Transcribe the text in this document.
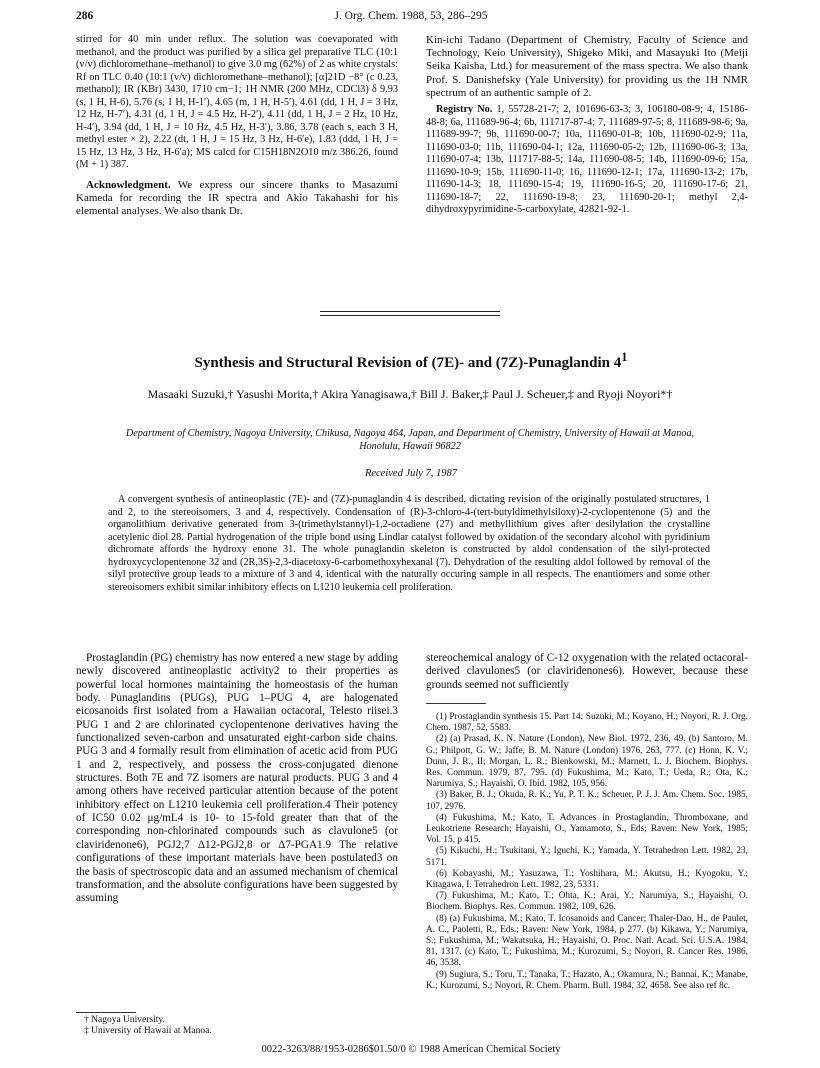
286	J. Org. Chem. 1988, 53, 286–295

stirred for 40 min under reflux. The solution was coevaporated with methanol, and the product was purified by a silica gel preparative TLC (10:1 (v/v) dichloromethane–methanol) to give 3.0 mg (62%) of 2 as white crystals: Rf on TLC 0.40 (10:1 (v/v) dichloromethane–methanol); [α]21D −8° (c 0.23, methanol); IR (KBr) 3430, 1710 cm−1; 1H NMR (200 MHz, CDCl3) δ 9.93 (s, 1 H, H-6), 5.76 (s, 1 H, H-1′), 4.65 (m, 1 H, H-5′), 4.61 (dd, 1 H, J = 3 Hz, 12 Hz, H-7′), 4.31 (d, 1 H, J = 4.5 Hz, H-2′), 4.11 (dd, 1 H, J = 2 Hz, 10 Hz, H-4′), 3.94 (dd, 1 H, J = 10 Hz, 4.5 Hz, H-3′), 3.86, 3.78 (each s, each 3 H, methyl ester × 2), 2.22 (dt, 1 H, J = 15 Hz, 3 Hz, H-6′e), 1.83 (ddd, 1 H, J = 15 Hz, 13 Hz, 3 Hz, H-6′a); MS calcd for C15H18N2O10 m/z 386.26, found (M + 1) 387.

Acknowledgment. We express our sincere thanks to Masazumi Kameda for recording the IR spectra and Akio Takahashi for his elemental analyses. We also thank Dr.

Kin-ichi Tadano (Department of Chemistry, Faculty of Science and Technology, Keio University), Shigeko Miki, and Masayuki Ito (Meiji Seika Kaisha, Ltd.) for measurement of the mass spectra. We also thank Prof. S. Danishefsky (Yale University) for providing us the 1H NMR spectrum of an authentic sample of 2.

Registry No. 1, 55728-21-7; 2, 101696-63-3; 3, 106180-08-9; 4, 15186-48-8; 6a, 111689-96-4; 6b, 111717-87-4; 7, 111689-97-5; 8, 111689-98-6; 9a, 111689-99-7; 9b, 111690-00-7; 10a, 111690-01-8; 10b, 111690-02-9; 11a, 111690-03-0; 11b, 111690-04-1; 12a, 111690-05-2; 12b, 111690-06-3; 13a, 111690-07-4; 13b, 111717-88-5; 14a, 111690-08-5; 14b, 111690-09-6; 15a, 111690-10-9; 15b, 111690-11-0; 16, 111690-12-1; 17a, 111690-13-2; 17b, 111690-14-3; 18, 111690-15-4; 19, 111690-16-5; 20, 111690-17-6; 21, 111690-18-7; 22, 111690-19-8; 23, 111690-20-1; methyl 2,4-dihydroxypyrimidine-5-carboxylate, 42821-92-1.

Synthesis and Structural Revision of (7E)- and (7Z)-Punaglandin $4^1$
Masaaki Suzuki,† Yasushi Morita,† Akira Yanagisawa,† Bill J. Baker,‡ Paul J. Scheuer,‡ and Ryoji Noyori*†
Department of Chemistry, Nagoya University, Chikusa, Nagoya 464, Japan, and Department of Chemistry, University of Hawaii at Manoa, Honolulu, Hawaii 96822
Received July 7, 1987
A convergent synthesis of antineoplastic (7E)- and (7Z)-punaglandin 4 is described, dictating revision of the originally postulated structures, 1 and 2, to the stereoisomers, 3 and 4, respectively. Condensation of (R)-3-chloro-4-(tert-butyldimethylsiloxy)-2-cyclopentenone (5) and the organolithium derivative generated from 3-(trimethylstannyl)-1,2-octadiene (27) and methyllithium gives after desilylation the crystalline acetylenic diol 28. Partial hydrogenation of the triple bond using Lindlar catalyst followed by oxidation of the secondary alcohol with pyridinium dichromate affords the hydroxy enone 31. The whole punaglandin skeleton is constructed by aldol condensation of the silyl-protected hydroxycyclopentenone 32 and (2R,3S)-2,3-diacetoxy-6-carbomethoxyhexanal (7). Dehydration of the resulting aldol followed by removal of the silyl protective group leads to a mixture of 3 and 4, identical with the naturally occuring sample in all respects. The enantiomers and some other stereoisomers exhibit similar inhibitory effects on L1210 leukemia cell proliferation.
Prostaglandin (PG) chemistry has now entered a new stage by adding newly discovered antineoplastic activity2 to their properties as powerful local hormones maintaining the homeostasis of the human body. Punaglandins (PUGs), PUG 1–PUG 4, are halogenated eicosanoids first isolated from a Hawaiian octacoral, Telesto riisei.3 PUG 1 and 2 are chlorinated cyclopentenone derivatives having the functionalized seven-carbon and unsaturated eight-carbon side chains. PUG 3 and 4 formally result from elimination of acetic acid from PUG 1 and 2, respectively, and possess the cross-conjugated dienone structures. Both 7E and 7Z isomers are natural products. PUG 3 and 4 among others have received particular attention because of the potent inhibitory effect on L1210 leukemia cell proliferation.4 Their potency of IC50 0.02 μg/mL4 is 10- to 15-fold greater than that of the corresponding non-chlorinated compounds such as clavulone5 (or claviridenone6), PGJ2,7 Δ12-PGJ2,8 or Δ7-PGA1.9 The relative configurations of these important materials have been postulated3 on the basis of spectroscopic data and an assumed mechanism of chemical transformation, and the absolute configurations have been suggested by assuming
stereochemical analogy of C-12 oxygenation with the related octacoral-derived clavulones5 (or claviridenones6). However, because these grounds seemed not sufficiently

(1) Prostaglandin synthesis 15. Part 14: Suzuki, M.; Koyano, H.; Noyori, R. J. Org. Chem. 1987, 52, 5583.

(2) (a) Prasad, K. N. Nature (London), New Biol. 1972, 236, 49. (b) Santoro, M. G.; Philpott, G. W.; Jaffe, B. M. Nature (London) 1976, 263, 777. (c) Honn, K. V.; Dunn, J. R., II; Morgan, L. R.; Bienkowski, M.; Marnett, L. J. Biochem. Biophys. Res. Commun. 1979, 87, 795. (d) Fukushima, M.; Kato, T.; Ueda, R.; Ota, K.; Narumiya, S.; Hayaishi, O. Ibid. 1982, 105, 956.

(3) Baker, B. J.; Okuda, R. K.; Yu, P. T. K.; Scheuer, P. J. J. Am. Chem. Soc. 1985, 107, 2976.

(4) Fukushima, M.; Kato, T. Advances in Prostaglandin, Thromboxane, and Leukotriene Research; Hayaishi, O., Yamamoto, S., Eds; Raven: New York, 1985; Vol. 15, p 415.

(5) Kikuchi, H.; Tsukitani, Y.; Iguchi, K.; Yamada, Y. Tetrahedron Lett. 1982, 23, 5171.

(6) Kobayashi, M.; Yasuzawa, T.; Yoshihara, M.; Akutsu, H.; Kyogoku, Y.; Kitagawa, I. Tetrahedron Lett. 1982, 23, 5331.

(7) Fukushima, M.; Kato, T.; Ohta, K.; Arai, Y.; Narumiya, S.; Hayaishi, O. Biochem. Biophys. Res. Commun. 1982, 109, 626.

(8) (a) Fukushima, M.; Kato, T. Icosanoids and Cancer; Thaler-Dao, H., de Paulet, A. C., Paoletti, R., Eds.; Raven: New York, 1984, p 277. (b) Kikawa, Y.; Narumiya, S.; Fukushima, M.; Wakatsuka, H.; Hayaishi, O. Proc. Natl. Acad. Sci. U.S.A. 1984, 81, 1317. (c) Kato, T.; Fukushima, M.; Kurozumi, S.; Noyori, R. Cancer Res. 1986, 46, 3538.

(9) Sugiura, S.; Toru, T.; Tanaka, T.; Hazato, A.; Okamura, N.; Bannai, K.; Manabe, K.; Kurozumi, S.; Noyori, R. Chem. Pharm. Bull. 1984, 32, 4658. See also ref 8c.

† Nagoya University.
‡ University of Hawaii at Manoa.
0022-3263/88/1953-0286$01.50/0 © 1988 American Chemical Society
